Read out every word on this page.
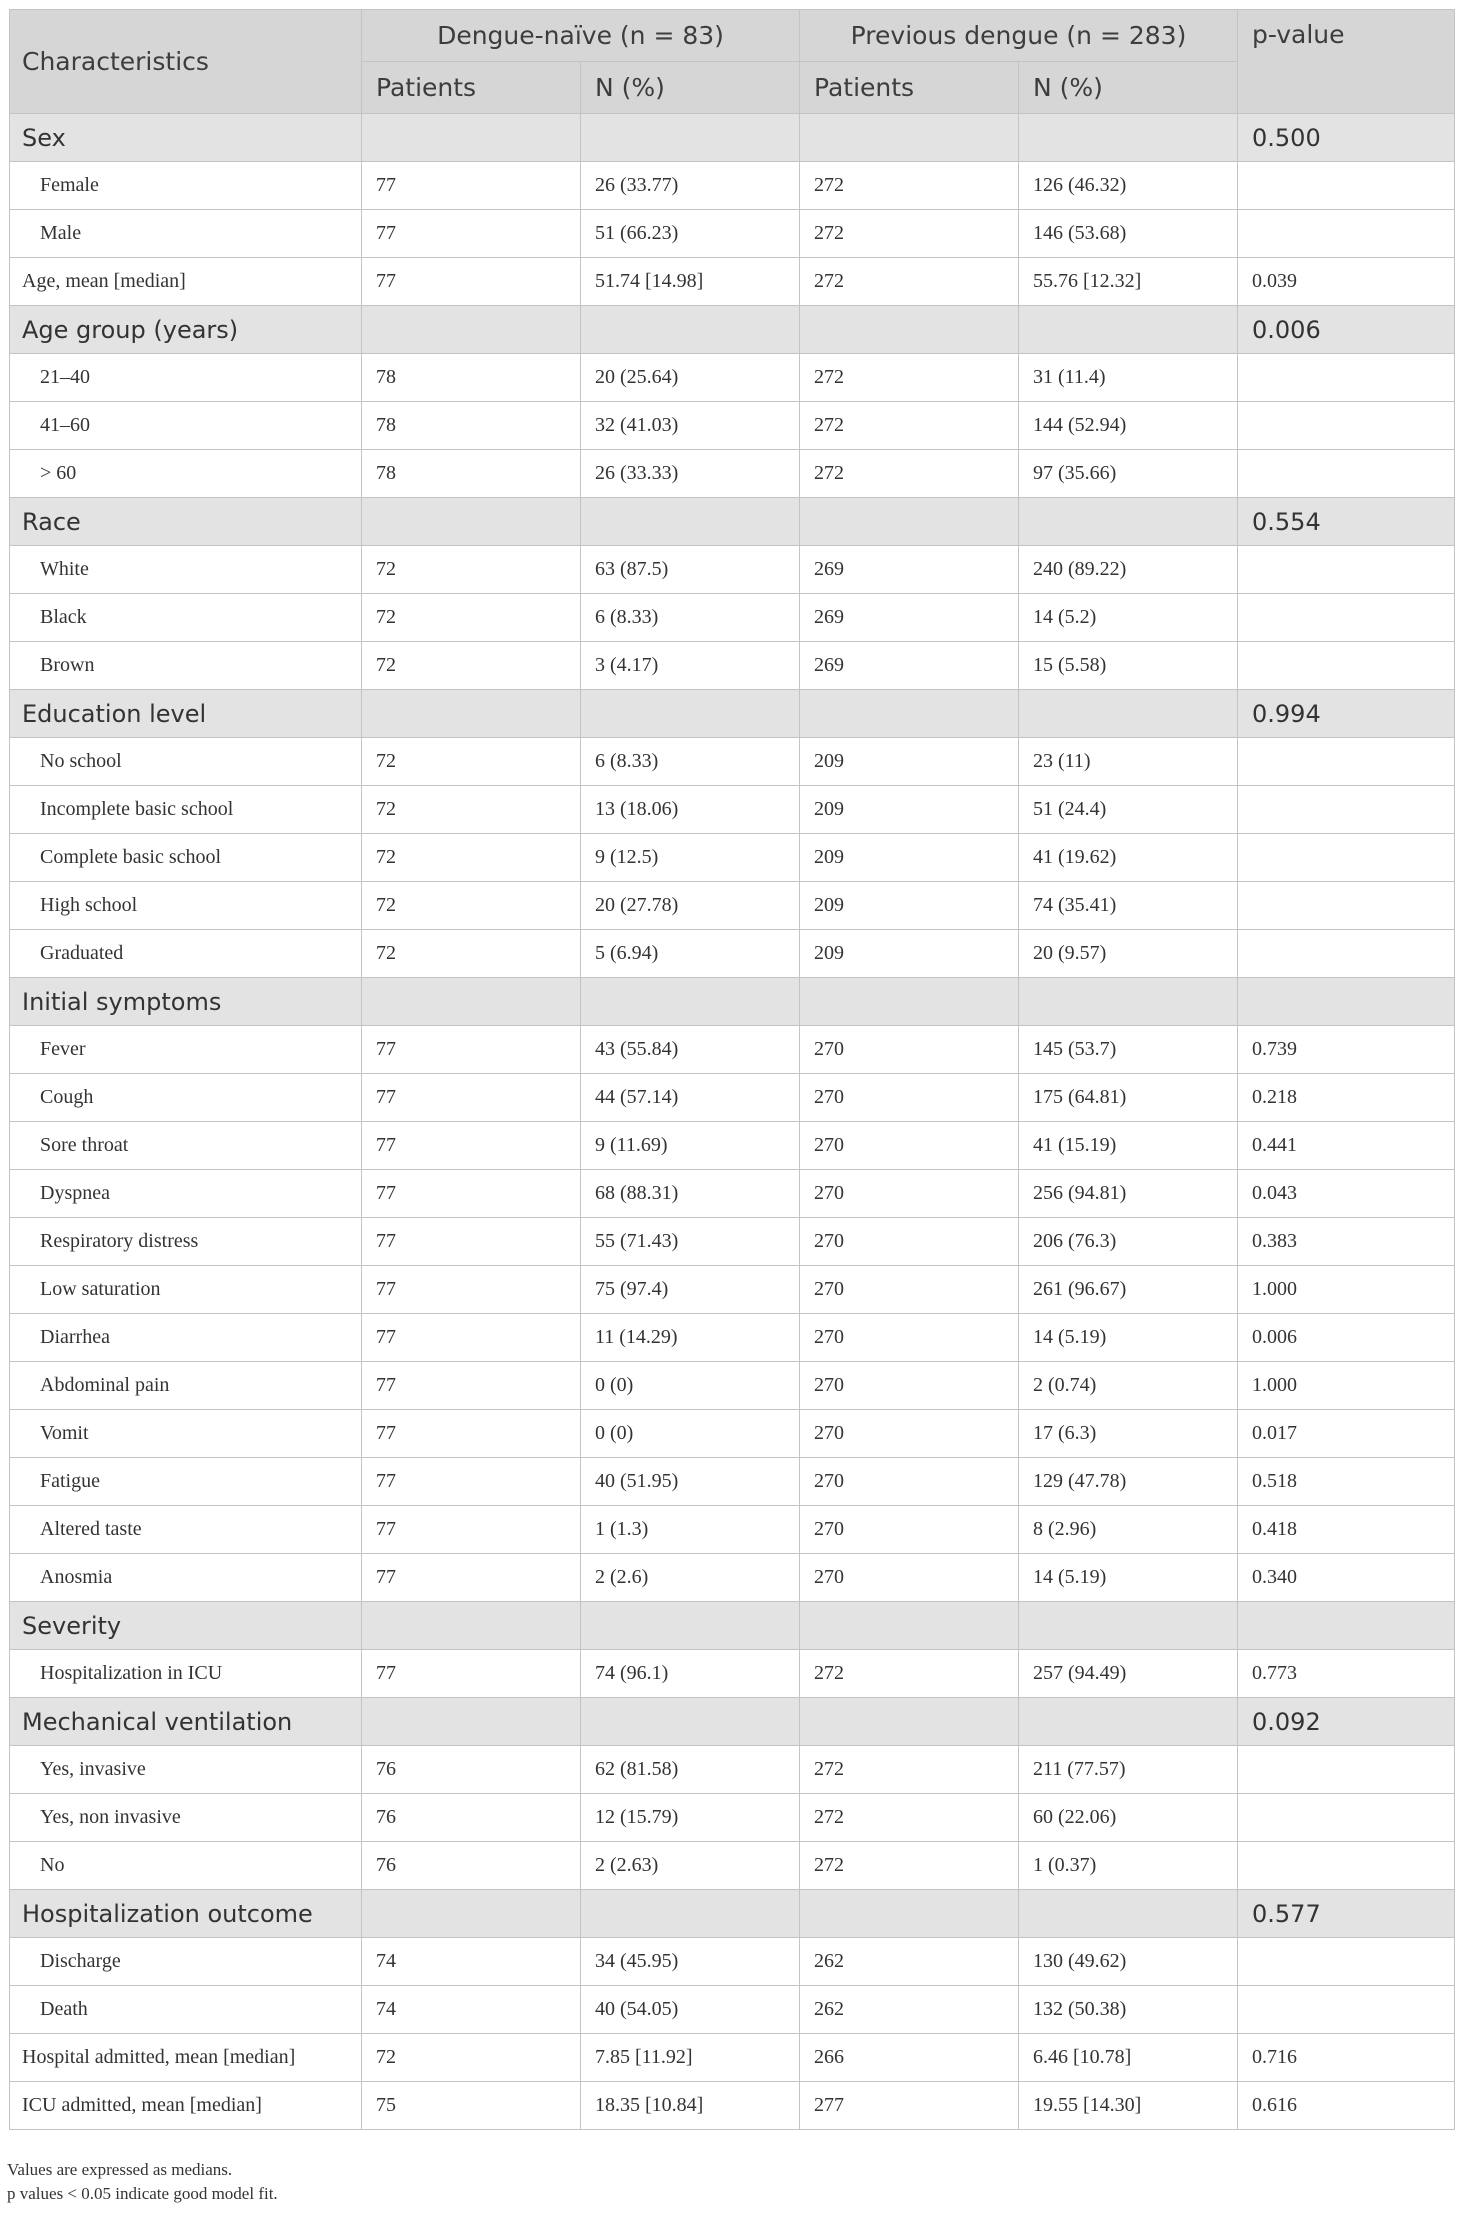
Characteristics	Dengue-naïve (n = 83)		Previous dengue (n = 283)		p-value
	Patients	N (%)	Patients	N (%)	
Sex					0.500
Female	77	26 (33.77)	272	126 (46.32)	
Male	77	51 (66.23)	272	146 (53.68)	
Age, mean [median]	77	51.74 [14.98]	272	55.76 [12.32]	0.039
Age group (years)					0.006
21–40	78	20 (25.64)	272	31 (11.4)	
41–60	78	32 (41.03)	272	144 (52.94)	
> 60	78	26 (33.33)	272	97 (35.66)	
Race					0.554
White	72	63 (87.5)	269	240 (89.22)	
Black	72	6 (8.33)	269	14 (5.2)	
Brown	72	3 (4.17)	269	15 (5.58)	
Education level					0.994
No school	72	6 (8.33)	209	23 (11)	
Incomplete basic school	72	13 (18.06)	209	51 (24.4)	
Complete basic school	72	9 (12.5)	209	41 (19.62)	
High school	72	20 (27.78)	209	74 (35.41)	
Graduated	72	5 (6.94)	209	20 (9.57)	
Initial symptoms					
Fever	77	43 (55.84)	270	145 (53.7)	0.739
Cough	77	44 (57.14)	270	175 (64.81)	0.218
Sore throat	77	9 (11.69)	270	41 (15.19)	0.441
Dyspnea	77	68 (88.31)	270	256 (94.81)	0.043
Respiratory distress	77	55 (71.43)	270	206 (76.3)	0.383
Low saturation	77	75 (97.4)	270	261 (96.67)	1.000
Diarrhea	77	11 (14.29)	270	14 (5.19)	0.006
Abdominal pain	77	0 (0)	270	2 (0.74)	1.000
Vomit	77	0 (0)	270	17 (6.3)	0.017
Fatigue	77	40 (51.95)	270	129 (47.78)	0.518
Altered taste	77	1 (1.3)	270	8 (2.96)	0.418
Anosmia	77	2 (2.6)	270	14 (5.19)	0.340
Severity					
Hospitalization in ICU	77	74 (96.1)	272	257 (94.49)	0.773
Mechanical ventilation					0.092
Yes, invasive	76	62 (81.58)	272	211 (77.57)	
Yes, non invasive	76	12 (15.79)	272	60 (22.06)	
No	76	2 (2.63)	272	1 (0.37)	
Hospitalization outcome					0.577
Discharge	74	34 (45.95)	262	130 (49.62)	
Death	74	40 (54.05)	262	132 (50.38)	
Hospital admitted, mean [median]	72	7.85 [11.92]	266	6.46 [10.78]	0.716
ICU admitted, mean [median]	75	18.35 [10.84]	277	19.55 [14.30]	0.616
Values are expressed as medians.
p values < 0.05 indicate good model fit.
